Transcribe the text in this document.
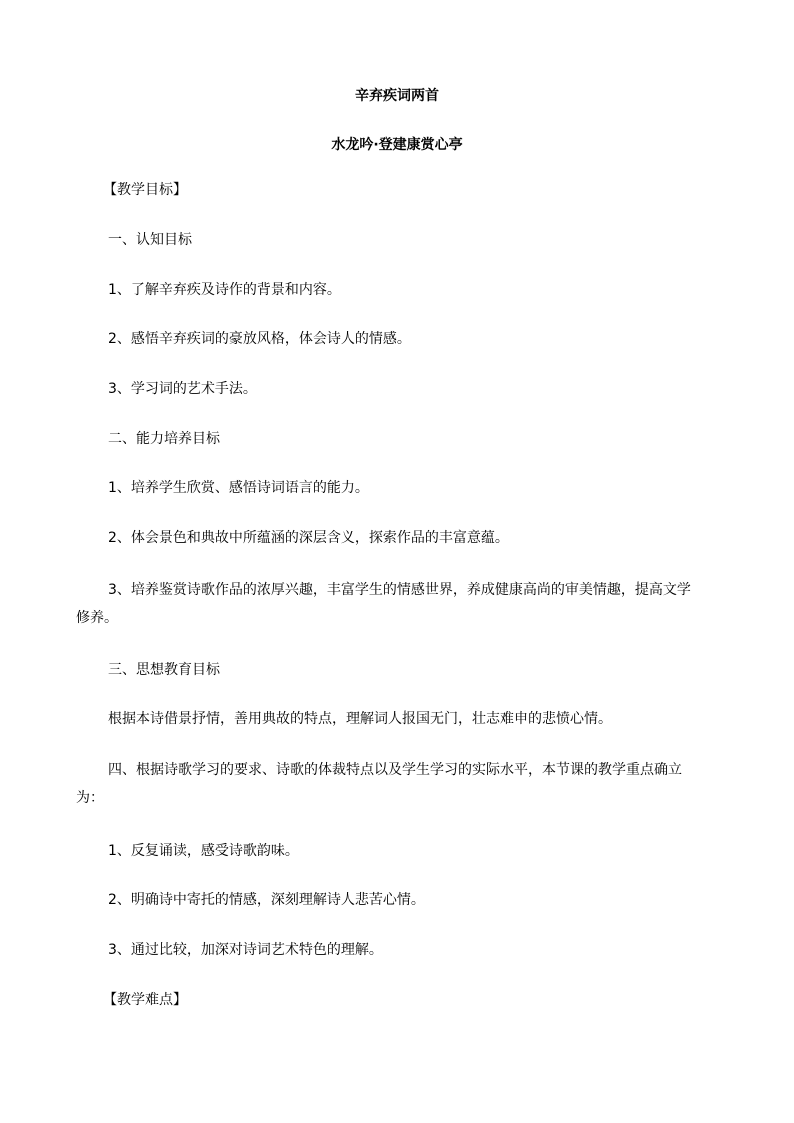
辛弃疾词两首
水龙吟·登建康赏心亭
【教学目标】
一、认知目标
1、了解辛弃疾及诗作的背景和内容。
2、感悟辛弃疾词的豪放风格，体会诗人的情感。
3、学习词的艺术手法。
二、能力培养目标
1、培养学生欣赏、感悟诗词语言的能力。
2、体会景色和典故中所蕴涵的深层含义，探索作品的丰富意蕴。
3、培养鉴赏诗歌作品的浓厚兴趣，丰富学生的情感世界，养成健康高尚的审美情趣，提高文学修养。
三、思想教育目标
根据本诗借景抒情，善用典故的特点，理解词人报国无门，壮志难申的悲愤心情。
四、根据诗歌学习的要求、诗歌的体裁特点以及学生学习的实际水平，本节课的教学重点确立为：
1、反复诵读，感受诗歌韵味。
2、明确诗中寄托的情感，深刻理解诗人悲苦心情。
3、通过比较，加深对诗词艺术特色的理解。
【教学难点】
